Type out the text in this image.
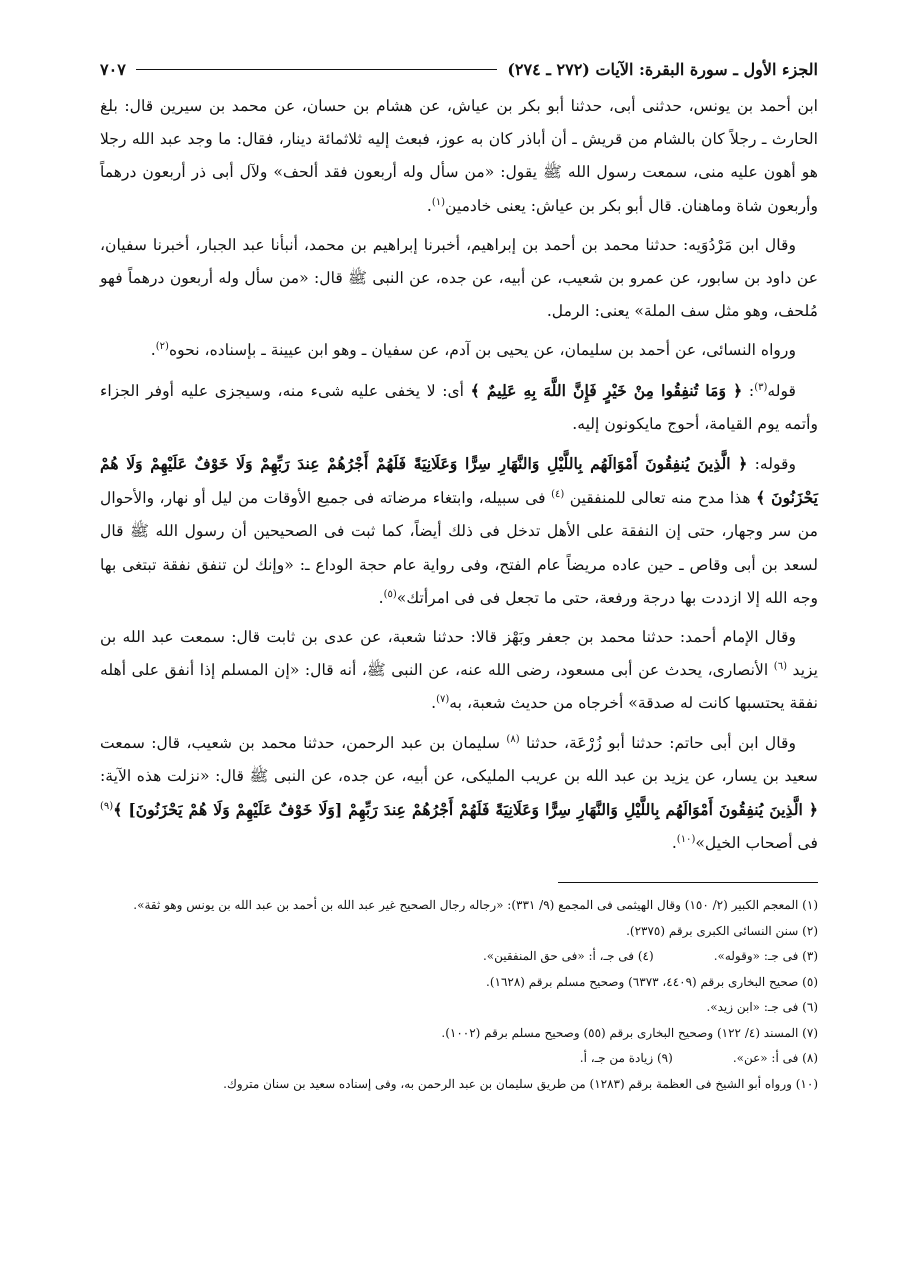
الجزء الأول ـ سورة البقرة: الآيات (٢٧٢ ـ ٢٧٤)
٧٠٧

ابن أحمد بن يونس، حدثنى أبى، حدثنا أبو بكر بن عياش، عن هشام بن حسان، عن محمد بن سيرين قال: بلغ الحارث ـ رجلاً كان بالشام من قريش ـ أن أباذر كان به عوز، فبعث إليه ثلاثمائة دينار، فقال: ما وجد عبد الله رجلا هو أهون عليه منى، سمعت رسول الله ﷺ يقول: «من سأل وله أربعون فقد ألحف» ولآل أبى ذر أربعون درهماً وأربعون شاة وماهنان. قال أبو بكر بن عياش: يعنى خادمين$^{(١)}$.

وقال ابن مَرْدُوَيه: حدثنا محمد بن أحمد بن إبراهيم، أخبرنا إبراهيم بن محمد، أنبأنا عبد الجبار، أخبرنا سفيان، عن داود بن سابور، عن عمرو بن شعيب، عن أبيه، عن جده، عن النبى ﷺ قال: «من سأل وله أربعون درهماً فهو مُلحف، وهو مثل سف الملة» يعنى: الرمل.

ورواه النسائى، عن أحمد بن سليمان، عن يحيى بن آدم، عن سفيان ـ وهو ابن عيينة ـ بإسناده، نحوه$^{(٢)}$.

قوله$^{(٣)}$: ﴿ وَمَا تُنفِقُوا مِنْ خَيْرٍ فَإِنَّ اللَّهَ بِهِ عَلِيمٌ ﴾ أى: لا يخفى عليه شىء منه، وسيجزى عليه أوفر الجزاء وأتمه يوم القيامة، أحوج مايكونون إليه.

وقوله: ﴿ الَّذِينَ يُنفِقُونَ أَمْوَالَهُم بِاللَّيْلِ وَالنَّهَارِ سِرًّا وَعَلَانِيَةً فَلَهُمْ أَجْرُهُمْ عِندَ رَبِّهِمْ وَلَا خَوْفٌ عَلَيْهِمْ وَلَا هُمْ يَحْزَنُونَ ﴾ هذا مدح منه تعالى للمنفقين $^{(٤)}$ فى سبيله، وابتغاء مرضاته فى جميع الأوقات من ليل أو نهار، والأحوال من سر وجهار، حتى إن النفقة على الأهل تدخل فى ذلك أيضاً، كما ثبت فى الصحيحين أن رسول الله ﷺ قال لسعد بن أبى وقاص ـ حين عاده مريضاً عام الفتح، وفى رواية عام حجة الوداع ـ: «وإنك لن تنفق نفقة تبتغى بها وجه الله إلا ازددت بها درجة ورفعة، حتى ما تجعل فى فى امرأتك»$^{(٥)}$.

وقال الإمام أحمد: حدثنا محمد بن جعفر وبَهْز قالا: حدثنا شعبة، عن عدى بن ثابت قال: سمعت عبد الله بن يزيد $^{(٦)}$ الأنصارى، يحدث عن أبى مسعود، رضى الله عنه، عن النبى ﷺ، أنه قال: «إن المسلم إذا أنفق على أهله نفقة يحتسبها كانت له صدقة» أخرجاه من حديث شعبة، به$^{(٧)}$.

وقال ابن أبى حاتم: حدثنا أبو زُرْعَة، حدثنا $^{(٨)}$ سليمان بن عبد الرحمن، حدثنا محمد بن شعيب، قال: سمعت سعيد بن يسار، عن يزيد بن عبد الله بن عريب المليكى، عن أبيه، عن جده، عن النبى ﷺ قال: «نزلت هذه الآية: ﴿ الَّذِينَ يُنفِقُونَ أَمْوَالَهُم بِاللَّيْلِ وَالنَّهَارِ سِرًّا وَعَلَانِيَةً فَلَهُمْ أَجْرُهُمْ عِندَ رَبِّهِمْ [وَلَا خَوْفٌ عَلَيْهِمْ وَلَا هُمْ يَحْزَنُونَ] ﴾$^{(٩)}$ فى أصحاب الخيل»$^{(١٠)}$.

(١) المعجم الكبير (٢/ ١٥٠) وقال الهيثمى فى المجمع (٩/ ٣٣١): «رجاله رجال الصحيح غير عبد الله بن أحمد بن عبد الله بن يونس وهو ثقة».
(٢) سنن النسائى الكبرى برقم (٢٣٧٥).
(٣) فى جـ: «وقوله».
(٤) فى جـ، أ: «فى حق المنفقين».
(٥) صحيح البخارى برقم (٤٤٠٩، ٦٣٧٣) وصحيح مسلم برقم (١٦٢٨).
(٦) فى جـ: «ابن زيد».
(٧) المسند (٤/ ١٢٢) وصحيح البخارى برقم (٥٥) وصحيح مسلم برقم (١٠٠٢).
(٨) فى أ: «عن».
(٩) زيادة من جـ، أ.
(١٠) ورواه أبو الشيخ فى العظمة برقم (١٢٨٣) من طريق سليمان بن عبد الرحمن به، وفى إسناده سعيد بن سنان متروك.
